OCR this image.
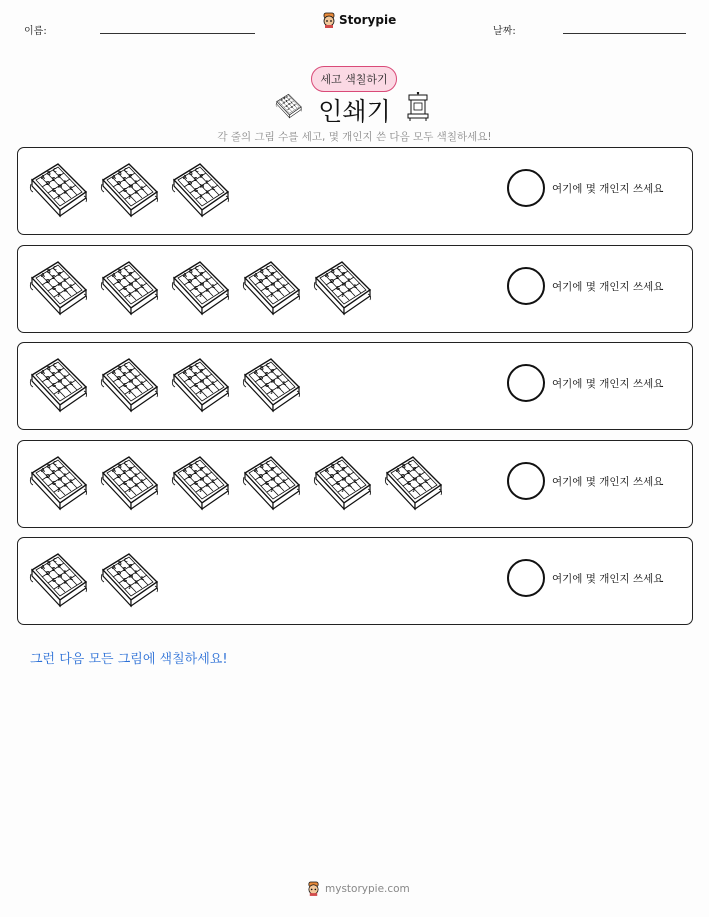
이름:
Storypie
날짜:
세고 색칠하기
인쇄기
각 줄의 그림 수를 세고, 몇 개인지 쓴 다음 모두 색칠하세요!
여기에 몇 개인지 쓰세요
여기에 몇 개인지 쓰세요
여기에 몇 개인지 쓰세요
여기에 몇 개인지 쓰세요
여기에 몇 개인지 쓰세요
그런 다음 모든 그림에 색칠하세요!
mystorypie.com
